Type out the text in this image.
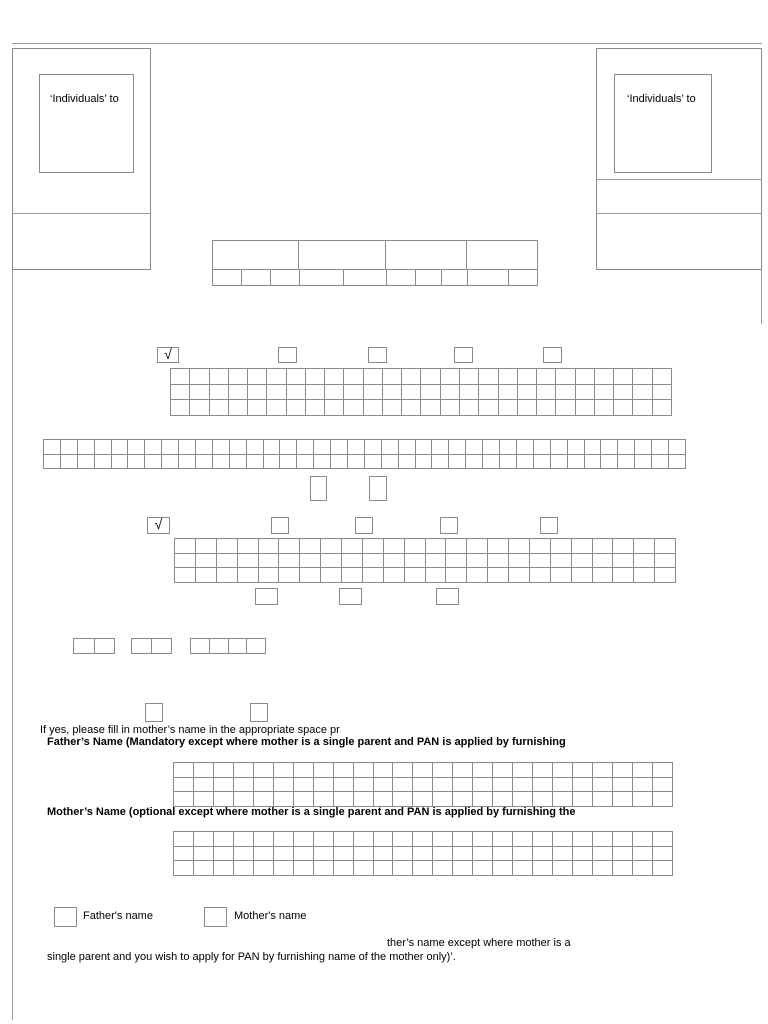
‘Individuals’ to	‘Individuals’ to

√

√

If yes, please fill in mother’s name in the appropriate space pr
Father’s Name (Mandatory except where mother is a single parent and PAN is applied by furnishing

Mother’s Name (optional except where mother is a single parent and PAN is applied by furnishing the

Father's name	Mother's name
ther’s name except where mother is a
single parent and you wish to apply for PAN by furnishing name of the mother only)’.
